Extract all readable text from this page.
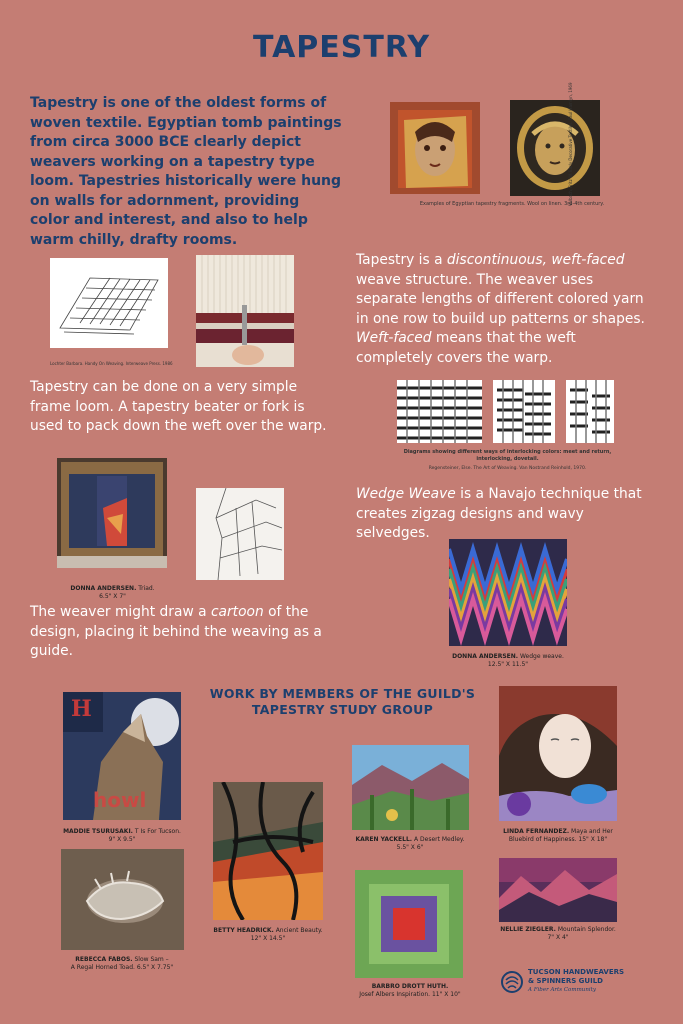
TAPESTRY
Tapestry is one of the oldest forms of woven textile. Egyptian tomb paintings from circa 3000 BCE clearly depict weavers working on a tapestry type loom. Tapestries historically were hung on walls for adornment, providing color and interest, and also to help warm chilly, drafty rooms.
Volbach, Fritz W. Early Decorative Textiles. Paul Hamlyn, 1969
Examples of Egyptian tapestry fragments. Wool on linen. 3rd-4th century.
Tapestry is a discontinuous, weft-faced weave structure. The weaver uses separate lengths of different colored yarn in one row to build up patterns or shapes. Weft-faced means that the weft completely covers the warp.
Lochter Barbara. Handy On Weaving. Interweave Press. 1986
Tapestry can be done on a very simple frame loom. A tapestry beater or fork is used to pack down the weft over the warp.
Diagrams showing different ways of interlocking colors: meet and return, interlocking, dovetail.
Regensteiner, Else. The Art of Weaving. Van Nostrand Reinhold, 1970.
Wedge Weave is a Navajo technique that creates zigzag designs and wavy selvedges.
DONNA ANDERSEN. Triad.
6.5" X 7"
The weaver might draw a cartoon of the design, placing it behind the weaving as a guide.	DONNA ANDERSEN. Wedge weave.
12.5" X 11.5"
WORK BY MEMBERS OF THE GUILD'S
TAPESTRY STUDY GROUP
H
howl
MADDIE TSURUSAKI. T Is For Tucson.
9" X 9.5"	KAREN YACKELL. A Desert Medley.
5.5" X 6"
LINDA FERNANDEZ. Maya and Her
Bluebird of Happiness. 15" X 18"
BETTY HEADRICK. Ancient Beauty.
12" X 14.5"
REBECCA FABOS. Slow Sam –
A Regal Horned Toad. 6.5" X 7.75"
BARBRO DROTT HUTH.
Josef Albers Inspiration. 11" X 10"
NELLIE ZIEGLER. Mountain Splendor.
7" X 4"
TUCSON HANDWEAVERS
& SPINNERS GUILD
A Fiber Arts Community
